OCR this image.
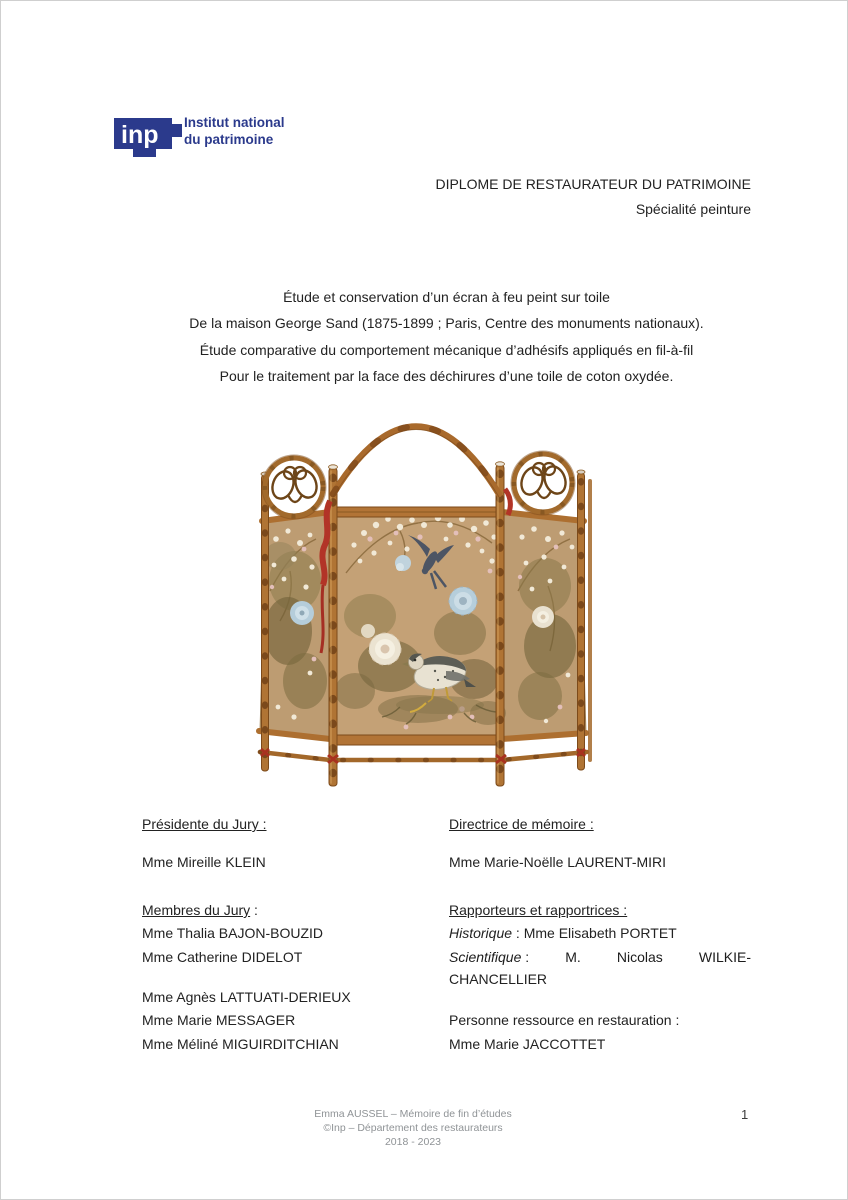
inp Institut national
du patrimoine
DIPLOME DE RESTAURATEUR DU PATRIMOINE
Spécialité peinture
Étude et conservation d’un écran à feu peint sur toile
De la maison George Sand (1875-1899 ; Paris, Centre des monuments nationaux).
Étude comparative du comportement mécanique d’adhésifs appliqués en fil-à-fil
Pour le traitement par la face des déchirures d’une toile de coton oxydée.
Présidente du Jury :
Mme Mireille KLEIN
Membres du Jury :
Mme Thalia BAJON-BOUZID
Mme Catherine DIDELOT
Mme Agnès LATTUATI-DERIEUX
Mme Marie MESSAGER
Mme Méliné MIGUIRDITCHIAN
Directrice de mémoire :
Mme Marie-Noëlle LAURENT-MIRI
Rapporteurs et rapportrices :
Historique : Mme Elisabeth PORTET
Scientifique :	M.	Nicolas	WILKIE-
CHANCELLIER
Personne ressource en restauration :
Mme Marie JACCOTTET
Emma AUSSEL – Mémoire de fin d’études
©Inp – Département des restaurateurs
2018 - 2023
1
